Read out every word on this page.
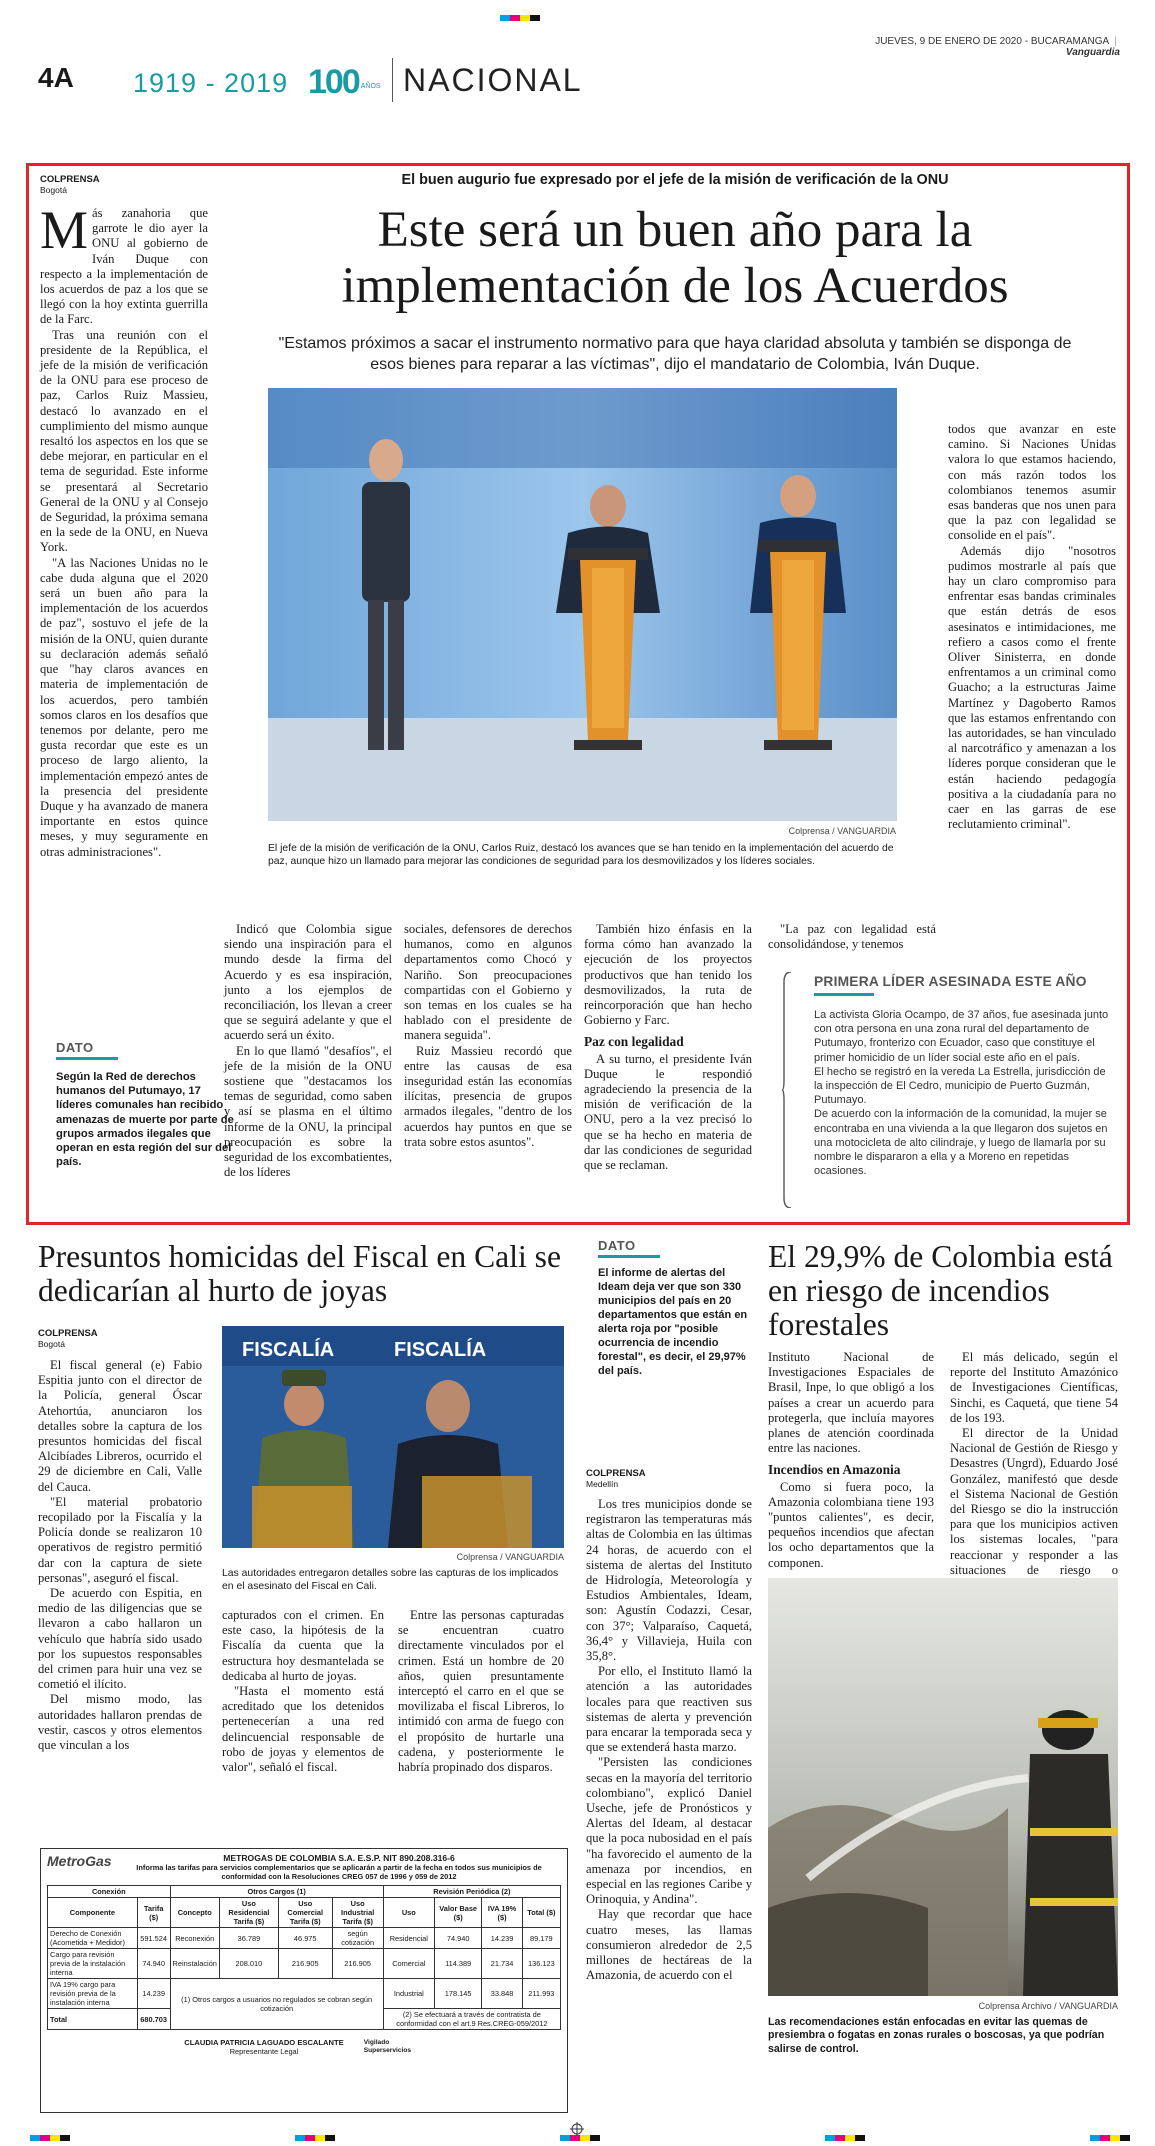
JUEVES, 9 DE ENERO DE 2020 - BUCARAMANGA | Vanguardia
4A 1919 - 2019 100 AÑOS NACIONAL
COLPRENSA
Bogotá
El buen augurio fue expresado por el jefe de la misión de verificación de la ONU
Este será un buen año para la implementación de los Acuerdos
"Estamos próximos a sacar el instrumento normativo para que haya claridad absoluta y también se disponga de esos bienes para reparar a las víctimas", dijo el mandatario de Colombia, Iván Duque.

Más zanahoria que garrote le dio ayer la ONU al gobierno de Iván Duque con respecto a la implementación de los acuerdos de paz a los que se llegó con la hoy extinta guerrilla de la Farc.

Tras una reunión con el presidente de la República, el jefe de la misión de verificación de la ONU para ese proceso de paz, Carlos Ruiz Massieu, destacó lo avanzado en el cumplimiento del mismo aunque resaltó los aspectos en los que se debe mejorar, en particular en el tema de seguridad. Este informe se presentará al Secretario General de la ONU y al Consejo de Seguridad, la próxima semana en la sede de la ONU, en Nueva York.

"A las Naciones Unidas no le cabe duda alguna que el 2020 será un buen año para la implementación de los acuerdos de paz", sostuvo el jefe de la misión de la ONU, quien durante su declaración además señaló que "hay claros avances en materia de implementación de los acuerdos, pero también somos claros en los desafíos que tenemos por delante, pero me gusta recordar que este es un proceso de largo aliento, la implementación empezó antes de la presencia del presidente Duque y ha avanzado de manera importante en estos quince meses, y muy seguramente en otras administraciones".

DATO
Según la Red de derechos humanos del Putumayo, 17 líderes comunales han recibido amenazas de muerte por parte de grupos armados ilegales que operan en esta región del sur del país.
Colprensa / VANGUARDIA
El jefe de la misión de verificación de la ONU, Carlos Ruiz, destacó los avances que se han tenido en la implementación del acuerdo de paz, aunque hizo un llamado para mejorar las condiciones de seguridad para los desmovilizados y los líderes sociales.

Indicó que Colombia sigue siendo una inspiración para el mundo desde la firma del Acuerdo y es esa inspiración, junto a los ejemplos de reconciliación, los llevan a creer que se seguirá adelante y que el acuerdo será un éxito.

En lo que llamó "desafíos", el jefe de la misión de la ONU sostiene que "destacamos los temas de seguridad, como saben y así se plasma en el último informe de la ONU, la principal preocupación es sobre la seguridad de los excombatientes, de los líderes

sociales, defensores de derechos humanos, como en algunos departamentos como Chocó y Nariño. Son preocupaciones compartidas con el Gobierno y son temas en los cuales se ha hablado con el presidente de manera seguida".

Ruiz Massieu recordó que entre las causas de esa inseguridad están las economías ilícitas, presencia de grupos armados ilegales, "dentro de los acuerdos hay puntos en que se trata sobre estos asuntos".

También hizo énfasis en la forma cómo han avanzado la ejecución de los proyectos productivos que han tenido los desmovilizados, la ruta de reincorporación que han hecho Gobierno y Farc.

Paz con legalidad

A su turno, el presidente Iván Duque le respondió agradeciendo la presencia de la misión de verificación de la ONU, pero a la vez precisó lo que se ha hecho en materia de dar las condiciones de seguridad que se reclaman.

"La paz con legalidad está consolidándose, y tenemos

todos que avanzar en este camino. Si Naciones Unidas valora lo que estamos haciendo, con más razón todos los colombianos tenemos asumir esas banderas que nos unen para que la paz con legalidad se consolide en el país".

Además dijo "nosotros pudimos mostrarle al país que hay un claro compromiso para enfrentar esas bandas criminales que están detrás de esos asesinatos e intimidaciones, me refiero a casos como el frente Oliver Sinisterra, en donde enfrentamos a un criminal como Guacho; a la estructuras Jaime Martínez y Dagoberto Ramos que las estamos enfrentando con las autoridades, se han vinculado al narcotráfico y amenazan a los líderes porque consideran que le están haciendo pedagogía positiva a la ciudadanía para no caer en las garras de ese reclutamiento criminal".

PRIMERA LÍDER ASESINADA ESTE AÑO
La activista Gloria Ocampo, de 37 años, fue asesinada junto con otra persona en una zona rural del departamento de Putumayo, fronterizo con Ecuador, caso que constituye el primer homicidio de un líder social este año en el país.
El hecho se registró en la vereda La Estrella, jurisdicción de la inspección de El Cedro, municipio de Puerto Guzmán, Putumayo.
De acuerdo con la información de la comunidad, la mujer se encontraba en una vivienda a la que llegaron dos sujetos en una motocicleta de alto cilindraje, y luego de llamarla por su nombre le dispararon a ella y a Moreno en repetidas ocasiones.
Presuntos homicidas del Fiscal en Cali se dedicarían al hurto de joyas
COLPRENSA
Bogotá

El fiscal general (e) Fabio Espitia junto con el director de la Policía, general Óscar Atehortúa, anunciaron los detalles sobre la captura de los presuntos homicidas del fiscal Alcibíades Libreros, ocurrido el 29 de diciembre en Cali, Valle del Cauca.

"El material probatorio recopilado por la Fiscalía y la Policía donde se realizaron 10 operativos de registro permitió dar con la captura de siete personas", aseguró el fiscal.

De acuerdo con Espitia, en medio de las diligencias que se llevaron a cabo hallaron un vehículo que habría sido usado por los supuestos responsables del crimen para huir una vez se cometió el ilícito.

Del mismo modo, las autoridades hallaron prendas de vestir, cascos y otros elementos que vinculan a los

FISCALÍA	FISCALÍA
Colprensa / VANGUARDIA
Las autoridades entregaron detalles sobre las capturas de los implicados en el asesinato del Fiscal en Cali.

capturados con el crimen. En este caso, la hipótesis de la Fiscalía da cuenta que la estructura hoy desmantelada se dedicaba al hurto de joyas.

"Hasta el momento está acreditado que los detenidos pertenecerían a una red delincuencial responsable de robo de joyas y elementos de valor", señaló el fiscal.

Entre las personas capturadas se encuentran cuatro directamente vinculados por el crimen. Está un hombre de 20 años, quien presuntamente interceptó el carro en el que se movilizaba el fiscal Libreros, lo intimidó con arma de fuego con el propósito de hurtarle una cadena, y posteriormente le habría propinado dos disparos.

MetroGas	METROGAS DE COLOMBIA S.A. E.S.P. NIT 890.208.316-6
Informa las tarifas para servicios complementarios que se aplicarán a partir de la fecha en todos sus municipios de conformidad con la Resoluciones CREG 057 de 1996 y 059 de 2012
Conexión		Otros Cargos (1)				Revisión Periódica (2)			
Componente	Tarifa ($)	Concepto	Uso Residencial Tarifa ($)	Uso Comercial Tarifa ($)	Uso Industrial Tarifa ($)	Uso	Valor Base ($)	IVA 19% ($)	Total ($)
Derecho de Conexión (Acometida + Medidor)	591.524	Reconexión	36.789	46.975	según cotización	Residencial	74.940	14.239	89.179
Cargo para revisión previa de la instalación interna	74.940	Reinstalación	208.010	216.905	216.905	Comercial	114.389	21.734	136.123
IVA 19% cargo para revisión previa de la instalación interna	14.239	(1) Otros cargos a usuarios no regulados se cobran según cotización				Industrial	178.145	33.848	211.993
Total	680.703					(2) Se efectuará a través de contratista de conformidad con el art.9 Res.CREG-059/2012			
CLAUDIA PATRICIA LAGUADO ESCALANTE
Representante Legal
Vigilado Superservicios
DATO
El informe de alertas del Ideam deja ver que son 330 municipios del país en 20 departamentos que están en alerta roja por "posible ocurrencia de incendio forestal", es decir, el 29,97% del país.
COLPRENSA
Medellín

Los tres municipios donde se registraron las temperaturas más altas de Colombia en las últimas 24 horas, de acuerdo con el sistema de alertas del Instituto de Hidrología, Meteorología y Estudios Ambientales, Ideam, son: Agustín Codazzi, Cesar, con 37°; Valparaíso, Caquetá, 36,4° y Villavieja, Huila con 35,8°.

Por ello, el Instituto llamó la atención a las autoridades locales para que reactiven sus sistemas de alerta y prevención para encarar la temporada seca y que se extenderá hasta marzo.

"Persisten las condiciones secas en la mayoría del territorio colombiano", explicó Daniel Useche, jefe de Pronósticos y Alertas del Ideam, al destacar que la poca nubosidad en el país "ha favorecido el aumento de la amenaza por incendios, en especial en las regiones Caribe y Orinoquia, y Andina".

Hay que recordar que hace cuatro meses, las llamas consumieron alrededor de 2,5 millones de hectáreas de la Amazonia, de acuerdo con el

El 29,9% de Colombia está en riesgo de incendios forestales

Instituto Nacional de Investigaciones Espaciales de Brasil, Inpe, lo que obligó a los países a crear un acuerdo para protegerla, que incluía mayores planes de atención coordinada entre las naciones.

Incendios en Amazonia

Como si fuera poco, la Amazonia colombiana tiene 193 "puntos calientes", es decir, pequeños incendios que afectan los ocho departamentos que la componen.

El más delicado, según el reporte del Instituto Amazónico de Investigaciones Científicas, Sinchi, es Caquetá, que tiene 54 de los 193.

El director de la Unidad Nacional de Gestión de Riesgo y Desastres (Ungrd), Eduardo José González, manifestó que desde el Sistema Nacional de Gestión del Riesgo se dio la instrucción para que los municipios activen los sistemas locales, "para reaccionar y responder a las situaciones de riesgo o

Colprensa Archivo / VANGUARDIA
Las recomendaciones están enfocadas en evitar las quemas de presiembra o fogatas en zonas rurales o boscosas, ya que podrían salirse de control.
